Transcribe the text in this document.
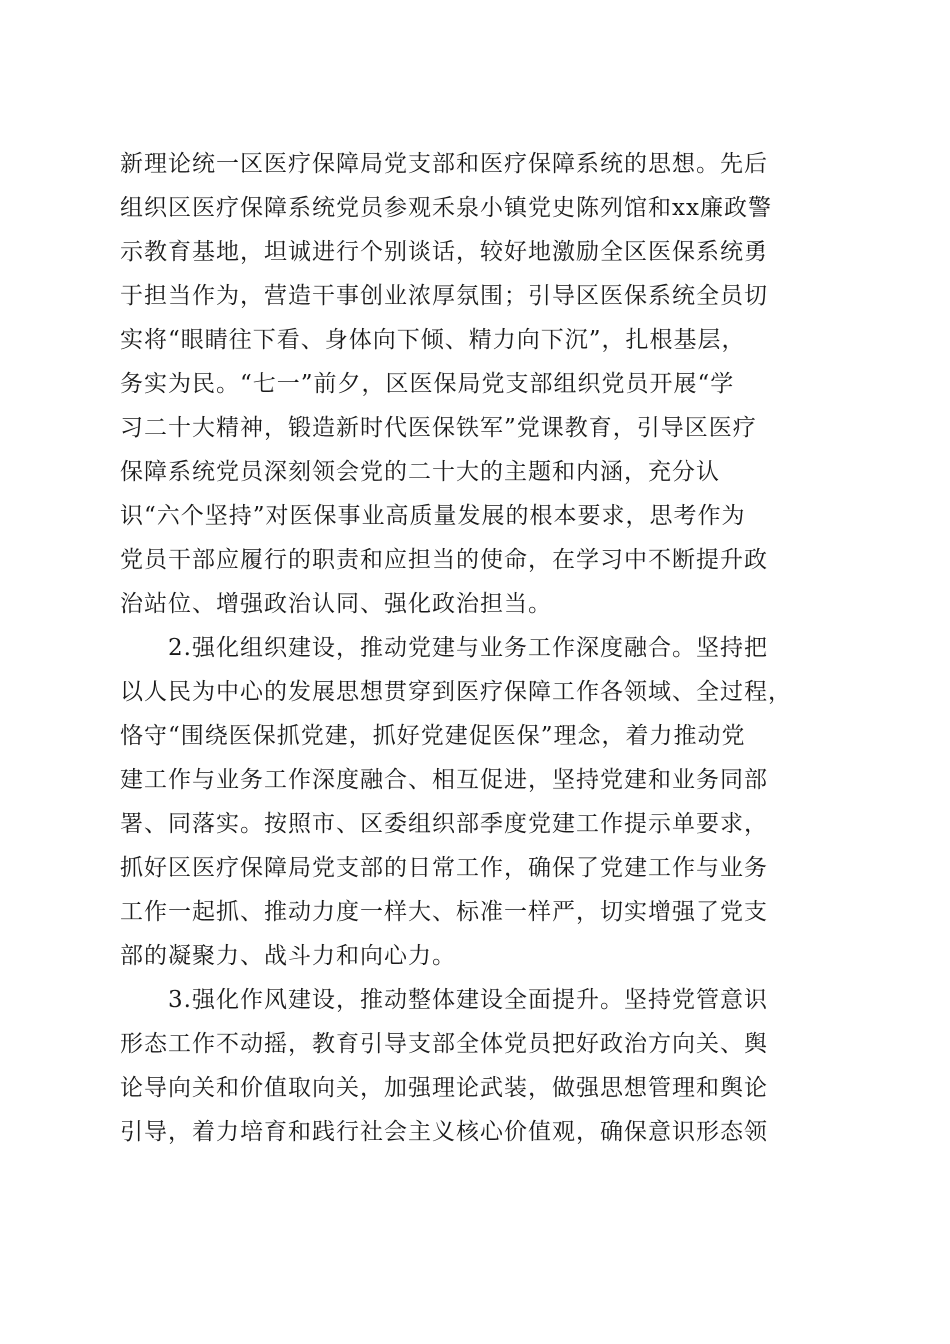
新理论统一区医疗保障局党支部和医疗保障系统的思想。先后
组织区医疗保障系统党员参观禾泉小镇党史陈列馆和xx廉政警
示教育基地，坦诚进行个别谈话，较好地激励全区医保系统勇
于担当作为，营造干事创业浓厚氛围；引导区医保系统全员切
实将“眼睛往下看、身体向下倾、精力向下沉”，扎根基层，
务实为民。“七一”前夕，区医保局党支部组织党员开展“学
习二十大精神，锻造新时代医保铁军”党课教育，引导区医疗
保障系统党员深刻领会党的二十大的主题和内涵，充分认
识“六个坚持”对医保事业高质量发展的根本要求，思考作为
党员干部应履行的职责和应担当的使命，在学习中不断提升政
治站位、增强政治认同、强化政治担当。
2.强化组织建设，推动党建与业务工作深度融合。坚持把
以人民为中心的发展思想贯穿到医疗保障工作各领域、全过程，
恪守“围绕医保抓党建，抓好党建促医保”理念，着力推动党
建工作与业务工作深度融合、相互促进，坚持党建和业务同部
署、同落实。按照市、区委组织部季度党建工作提示单要求，
抓好区医疗保障局党支部的日常工作，确保了党建工作与业务
工作一起抓、推动力度一样大、标准一样严，切实增强了党支
部的凝聚力、战斗力和向心力。
3.强化作风建设，推动整体建设全面提升。坚持党管意识
形态工作不动摇，教育引导支部全体党员把好政治方向关、舆
论导向关和价值取向关，加强理论武装，做强思想管理和舆论
引导，着力培育和践行社会主义核心价值观，确保意识形态领
